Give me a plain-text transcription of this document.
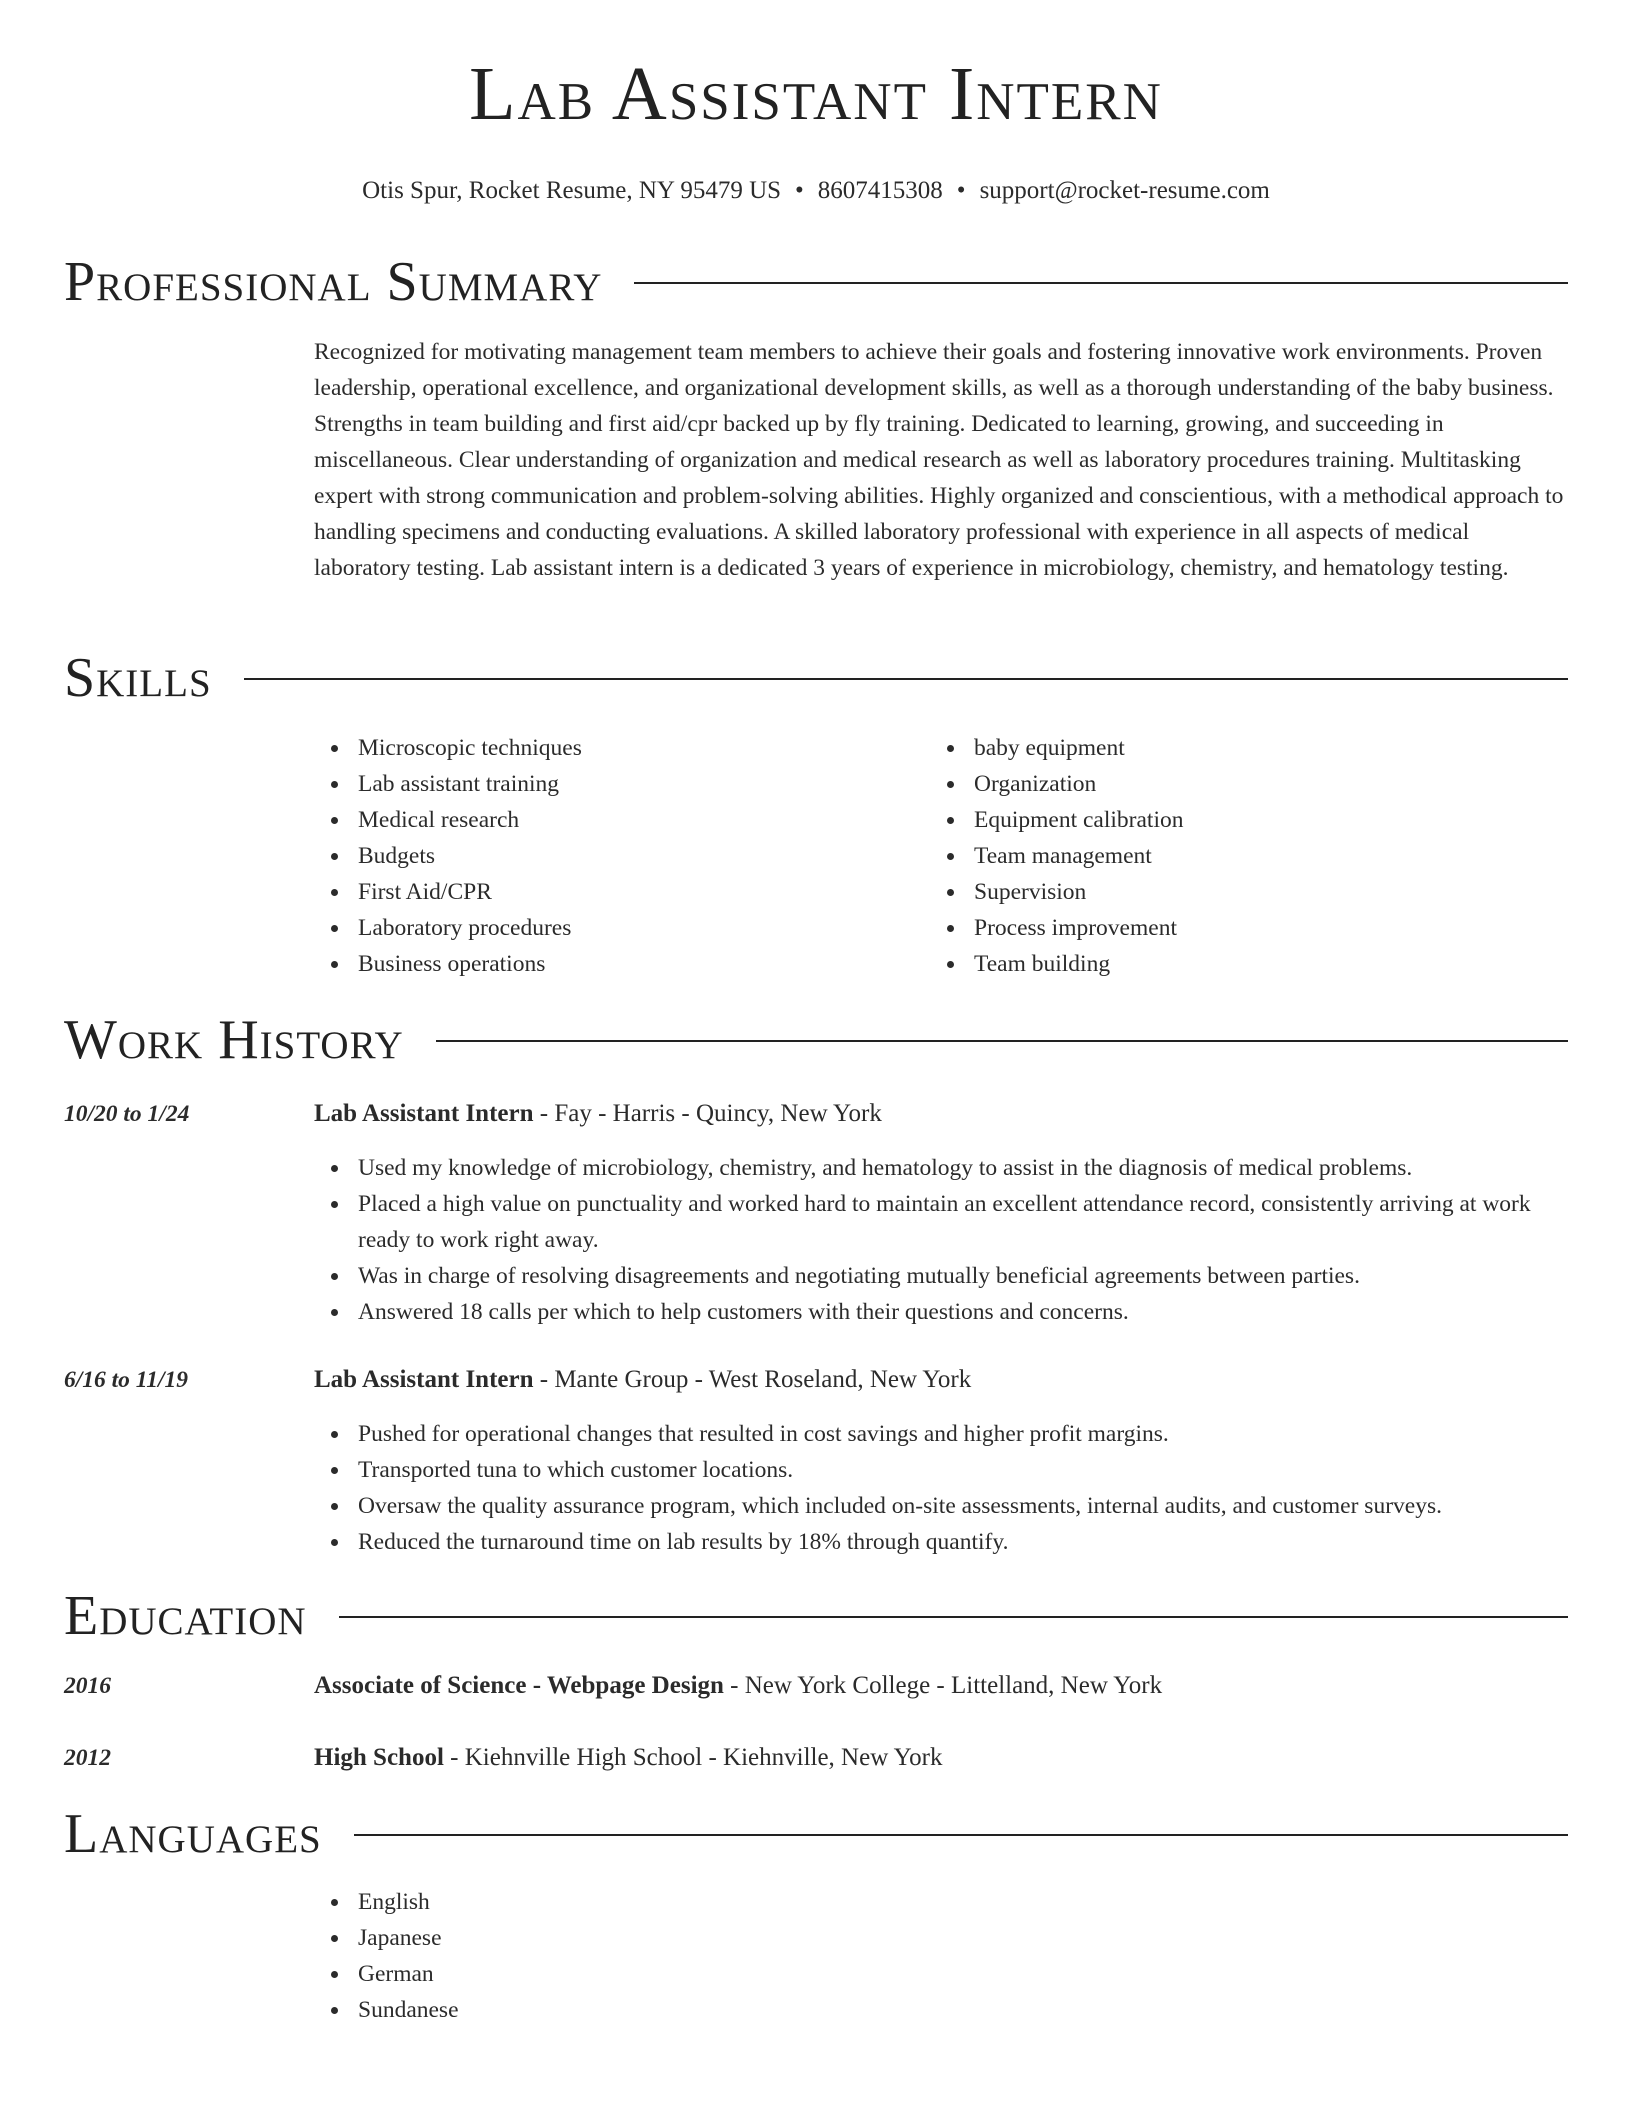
Lab Assistant Intern
Otis Spur, Rocket Resume, NY 95479 US • 8607415308 • support@rocket-resume.com
Professional Summary

Recognized for motivating management team members to achieve their goals and fostering innovative work environments. Proven leadership, operational excellence, and organizational development skills, as well as a thorough understanding of the baby business. Strengths in team building and first aid/cpr backed up by fly training. Dedicated to learning, growing, and succeeding in miscellaneous. Clear understanding of organization and medical research as well as laboratory procedures training. Multitasking expert with strong communication and problem-solving abilities. Highly organized and conscientious, with a methodical approach to handling specimens and conducting evaluations. A skilled laboratory professional with experience in all aspects of medical laboratory testing. Lab assistant intern is a dedicated 3 years of experience in microbiology, chemistry, and hematology testing.

Skills
Microscopic techniques
Lab assistant training
Medical research
Budgets
First Aid/CPR
Laboratory procedures
Business operations
baby equipment
Organization
Equipment calibration
Team management
Supervision
Process improvement
Team building
Work History
10/20 to 1/24	Lab Assistant Intern - Fay - Harris - Quincy, New York
Used my knowledge of microbiology, chemistry, and hematology to assist in the diagnosis of medical problems.
Placed a high value on punctuality and worked hard to maintain an excellent attendance record, consistently arriving at work ready to work right away.
Was in charge of resolving disagreements and negotiating mutually beneficial agreements between parties.
Answered 18 calls per which to help customers with their questions and concerns.
6/16 to 11/19	Lab Assistant Intern - Mante Group - West Roseland, New York
Pushed for operational changes that resulted in cost savings and higher profit margins.
Transported tuna to which customer locations.
Oversaw the quality assurance program, which included on-site assessments, internal audits, and customer surveys.
Reduced the turnaround time on lab results by 18% through quantify.
Education
2016	Associate of Science - Webpage Design - New York College - Littelland, New York
2012	High School - Kiehnville High School - Kiehnville, New York
Languages
English
Japanese
German
Sundanese
